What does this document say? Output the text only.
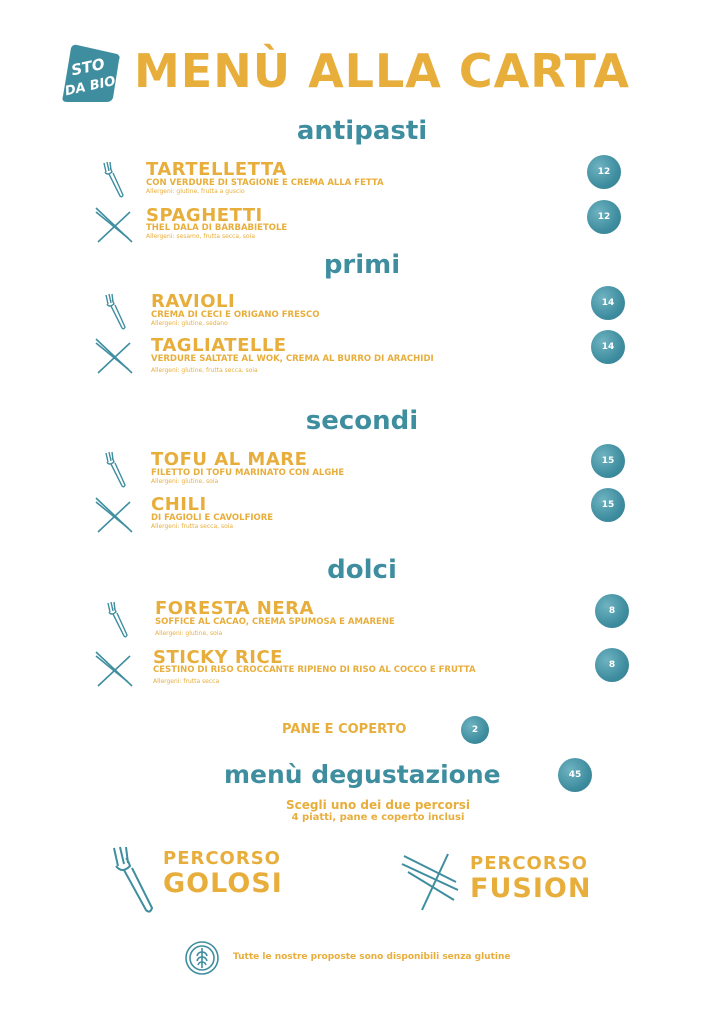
STO
DA BIO MENÙ ALLA CARTA
antipasti
primi
secondi
dolci
TARTELLETTA
CON VERDURE DI STAGIONE E CREMA ALLA FETTA
Allergeni: glutine, frutta a guscio
12
SPAGHETTI
THEL DALA DI BARBABIETOLE
Allergeni: sesamo, frutta secca, soia
12
RAVIOLI
CREMA DI CECI E ORIGANO FRESCO
Allergeni: glutine, sedano
14
TAGLIATELLE
VERDURE SALTATE AL WOK, CREMA AL BURRO DI ARACHIDI
Allergeni: glutine, frutta secca, soia
14
TOFU AL MARE
FILETTO DI TOFU MARINATO CON ALGHE
Allergeni: glutine, soia
15
CHILI
DI FAGIOLI E CAVOLFIORE
Allergeni: frutta secca, soia
15
FORESTA NERA
SOFFICE AL CACAO, CREMA SPUMOSA E AMARENE
Allergeni: glutine, soia
8
STICKY RICE
CESTINO DI RISO CROCCANTE RIPIENO DI RISO AL COCCO E FRUTTA
Allergeni: frutta secca
8
PANE E COPERTO	2
menù degustazione	45
Scegli uno dei due percorsi
4 piatti, pane e coperto inclusi
PERCORSO
GOLOSI
PERCORSO
FUSION
Tutte le nostre proposte sono disponibili senza glutine
